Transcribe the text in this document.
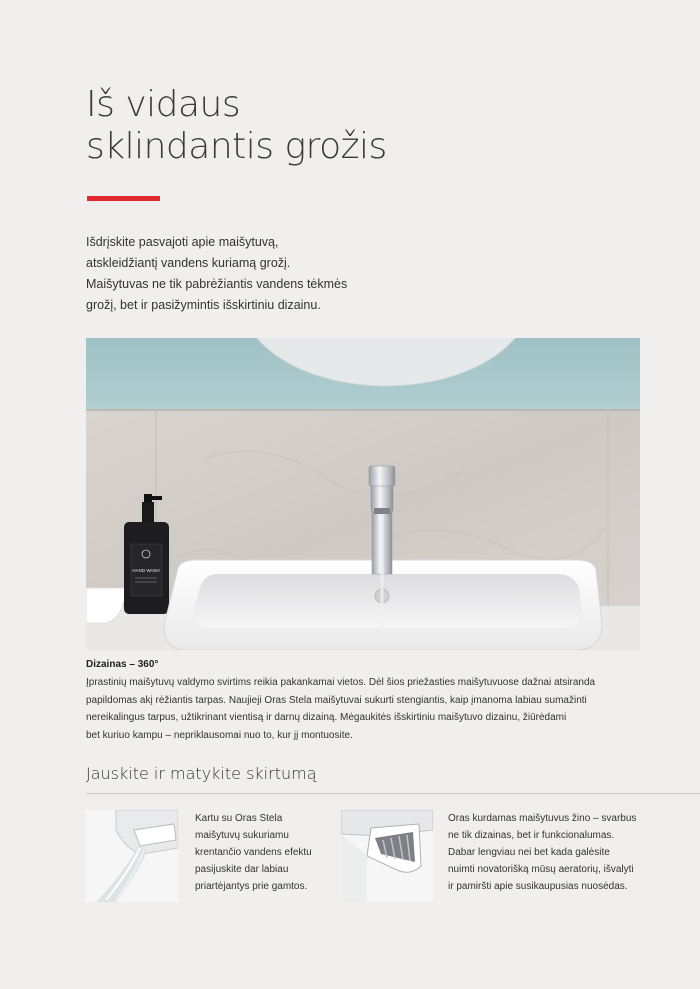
Iš vidaus
sklindantis grožis
Išdrįskite pasvajoti apie maišytuvą,
atskleidžiantį vandens kuriamą grožį.
Maišytuvas ne tik pabrėžiantis vandens tėkmės
grožį, bet ir pasižymintis išskirtiniu dizainu.
HAND WASH
Dizainas – 360°
Įprastinių maišytuvų valdymo svirtims reikia pakankamai vietos. Dėl šios priežasties maišytuvuose dažnai atsiranda
papildomas akį rėžiantis tarpas. Naujieji Oras Stela maišytuvai sukurti stengiantis, kaip įmanoma labiau sumažinti
nereikalingus tarpus, užtikrinant vientisą ir darnų dizainą. Mėgaukitės išskirtiniu maišytuvo dizainu, žiūrėdami
bet kuriuo kampu – nepriklausomai nuo to, kur jį montuosite.
Jauskite ir matykite skirtumą
Kartu su Oras Stela
maišytuvų sukuriamu
krentančio vandens efektu
pasijuskite dar labiau
priartėjantys prie gamtos.
Oras kurdamas maišytuvus žino – svarbus
ne tik dizainas, bet ir funkcionalumas.
Dabar lengviau nei bet kada galėsite
nuimti novatorišką mūsų aeratorių, išvalyti
ir pamiršti apie susikaupusias nuosėdas.
